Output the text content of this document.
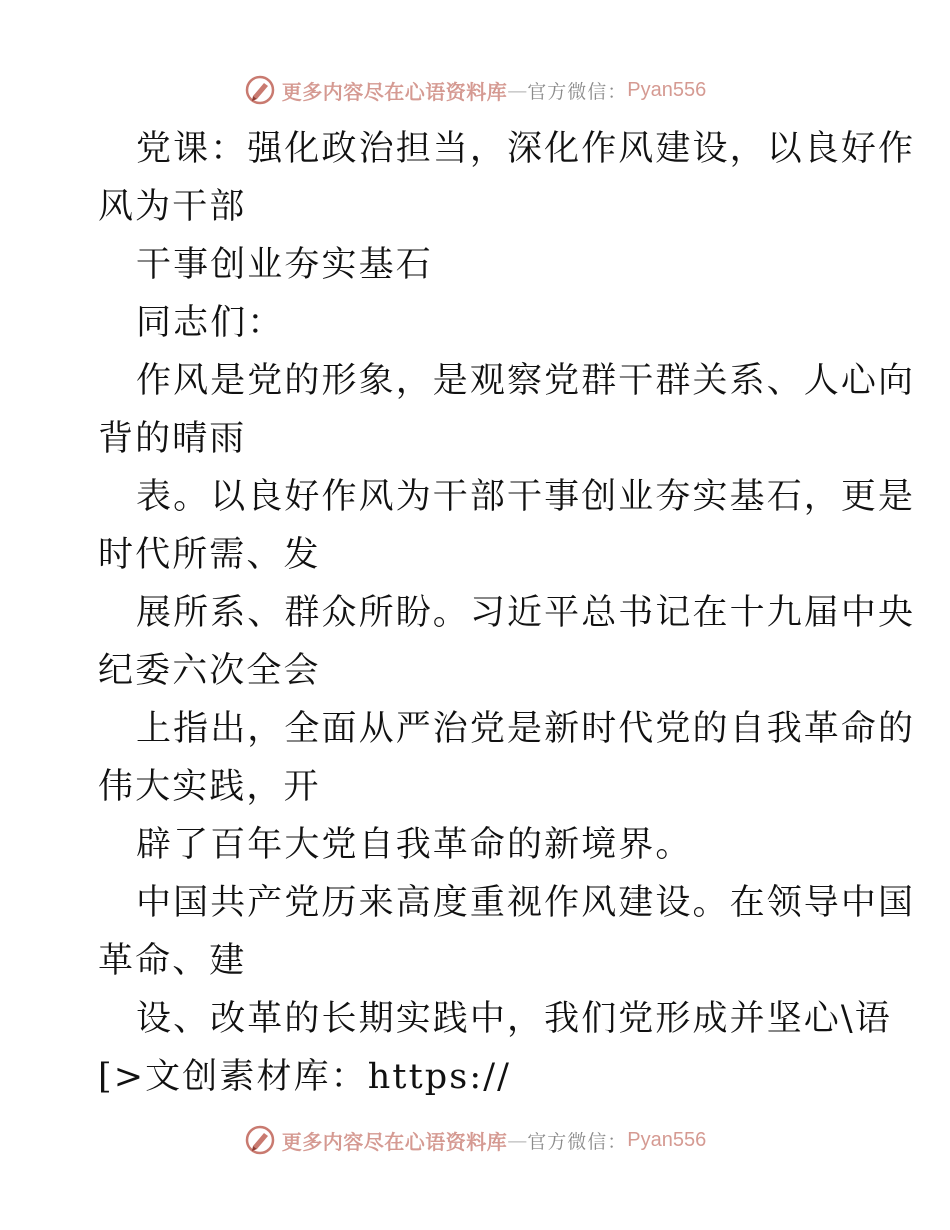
更多内容尽在心语资料库 — 官方微信： Pyan556
党课：强化政治担当，深化作风建设，以良好作
风为干部
干事创业夯实基石
同志们：
作风是党的形象，是观察党群干群关系、人心向
背的晴雨
表。以良好作风为干部干事创业夯实基石，更是
时代所需、发
展所系、群众所盼。习近平总书记在十九届中央
纪委六次全会
上指出，全面从严治党是新时代党的自我革命的
伟大实践，开
辟了百年大党自我革命的新境界。
中国共产党历来高度重视作风建设。在领导中国
革命、建
设、改革的长期实践中，我们党形成并坚心\语
[>文创素材库：https://
更多内容尽在心语资料库 — 官方微信： Pyan556
